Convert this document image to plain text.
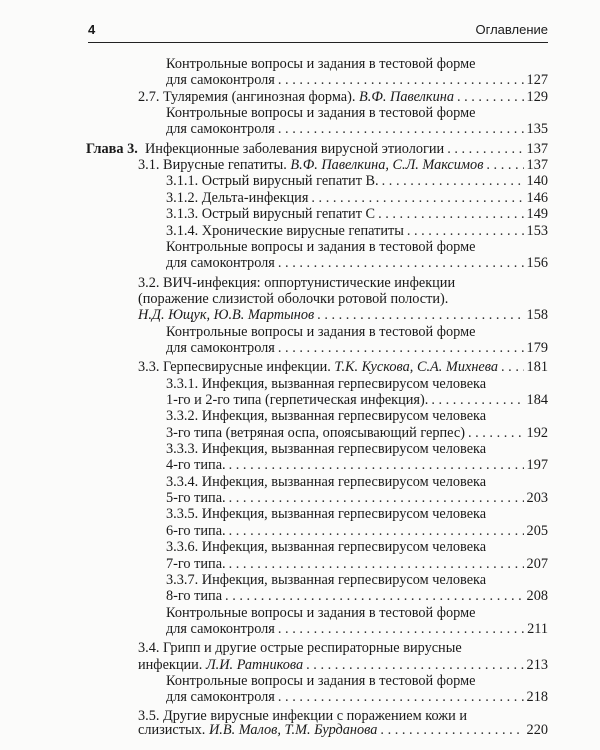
4	Оглавление
Контрольные вопросы и задания в тестовой форме
для самоконтроля . . .	127
2.7. Туляремия (ангинозная форма). В.Ф. Павелкина . . .	129
Контрольные вопросы и задания в тестовой форме
для самоконтроля . . .	135
Глава 3. Инфекционные заболевания вирусной этиологии . . .	137
3.1. Вирусные гепатиты. В.Ф. Павелкина, С.Л. Максимов . . .	137
3.1.1. Острый вирусный гепатит В. . . .	140
3.1.2. Дельта-инфекция . . .	146
3.1.3. Острый вирусный гепатит С . . .	149
3.1.4. Хронические вирусные гепатиты . . .	153
Контрольные вопросы и задания в тестовой форме
для самоконтроля . . .	156
3.2. ВИЧ-инфекция: оппортунистические инфекции
(поражение слизистой оболочки ротовой полости).
Н.Д. Ющук, Ю.В. Мартынов . . .	158
Контрольные вопросы и задания в тестовой форме
для самоконтроля . . .	179
3.3. Герпесвирусные инфекции. Т.К. Кускова, С.А. Михнева . . . 181
3.3.1. Инфекция, вызванная герпесвирусом человека
1-го и 2-го типа (герпетическая инфекция). . . .	184
3.3.2. Инфекция, вызванная герпесвирусом человека
3-го типа (ветряная оспа, опоясывающий герпес) . . .	192
3.3.3. Инфекция, вызванная герпесвирусом человека
4-го типа. . . .	197
3.3.4. Инфекция, вызванная герпесвирусом человека
5-го типа. . . .	203
3.3.5. Инфекция, вызванная герпесвирусом человека
6-го типа. . . .	205
3.3.6. Инфекция, вызванная герпесвирусом человека
7-го типа. . . .	207
3.3.7. Инфекция, вызванная герпесвирусом человека
8-го типа . . .	208
Контрольные вопросы и задания в тестовой форме
для самоконтроля . . .	211
3.4. Грипп и другие острые респираторные вирусные
инфекции. Л.И. Ратникова . . .	213
Контрольные вопросы и задания в тестовой форме
для самоконтроля . . .	218
3.5. Другие вирусные инфекции с поражением кожи и
слизистых. И.В. Малов, Т.М. Бурданова . . .	220
